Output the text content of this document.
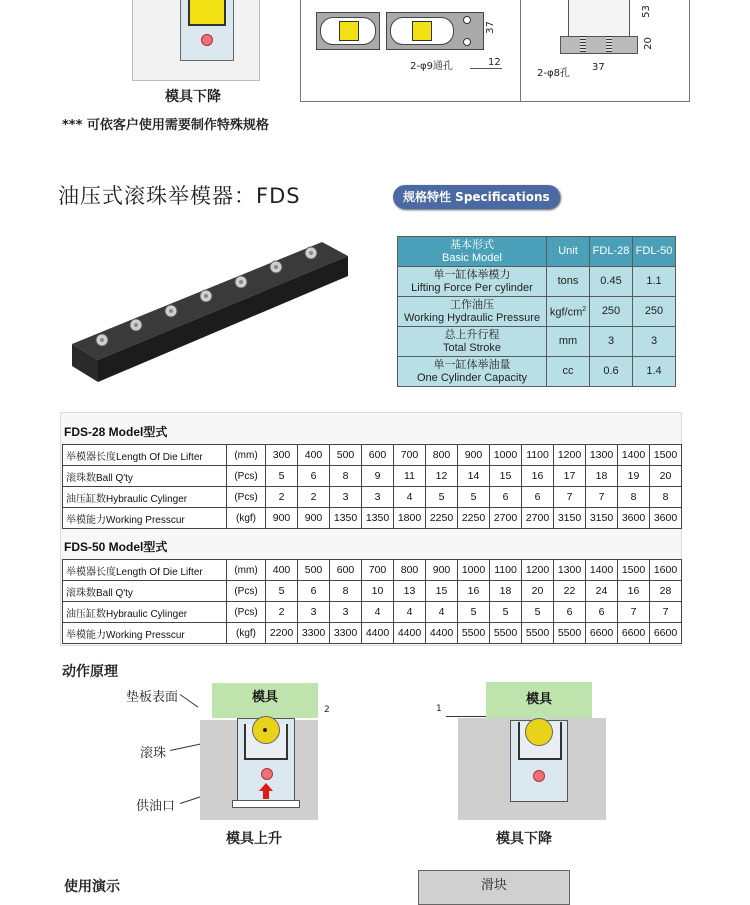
模具下降
37
2-φ9通孔	12
53
20
2-φ8孔
37
*** 可依客户使用需要制作特殊规格
油压式滚珠举模器：FDS	规格特性 Specifications
基本形式
Basic Model	Unit	FDL-28	FDL-50

单一缸体举模力
Lifting Force Per cylinder	tons	0.45	1.1

工作油压
Working Hydraulic Pressure	kgf/$cm^2$	250	250

总上升行程
Total Stroke	mm	3	3

单一缸体举油量
One Cylinder Capacity	cc	0.6	1.4
FDS-28 Model型式
举模器长度Length Of Die Lifter	(mm)	300	400	500	600	700	800	900	1000	1100	1200	1300	1400	1500
滚珠数Ball Q'ty	(Pcs)	5	6	8	9	11	12	14	15	16	17	18	19	20
油压缸数Hybraulic Cylinger	(Pcs)	2	2	3	3	4	5	5	6	6	7	7	8	8
举模能力Working Presscur	(kgf)	900	900	1350	1350	1800	2250	2250	2700	2700	3150	3150	3600	3600
FDS-50 Model型式
举模器长度Length Of Die Lifter	(mm)	400	500	600	700	800	900	1000	1100	1200	1300	1400	1500	1600
滚珠数Ball Q'ty	(Pcs)	5	6	8	10	13	15	16	18	20	22	24	16	28
油压缸数Hybraulic Cylinger	(Pcs)	2	3	3	4	4	4	5	5	5	6	6	7	7
举模能力Working Presscur	(kgf)	2200	3300	3300	4400	4400	4400	5500	5500	5500	5500	6600	6600	6600
动作原理
垫板表面
滚珠
供油口
模具
2
模具上升
模具
1
模具下降
使用演示	滑块
